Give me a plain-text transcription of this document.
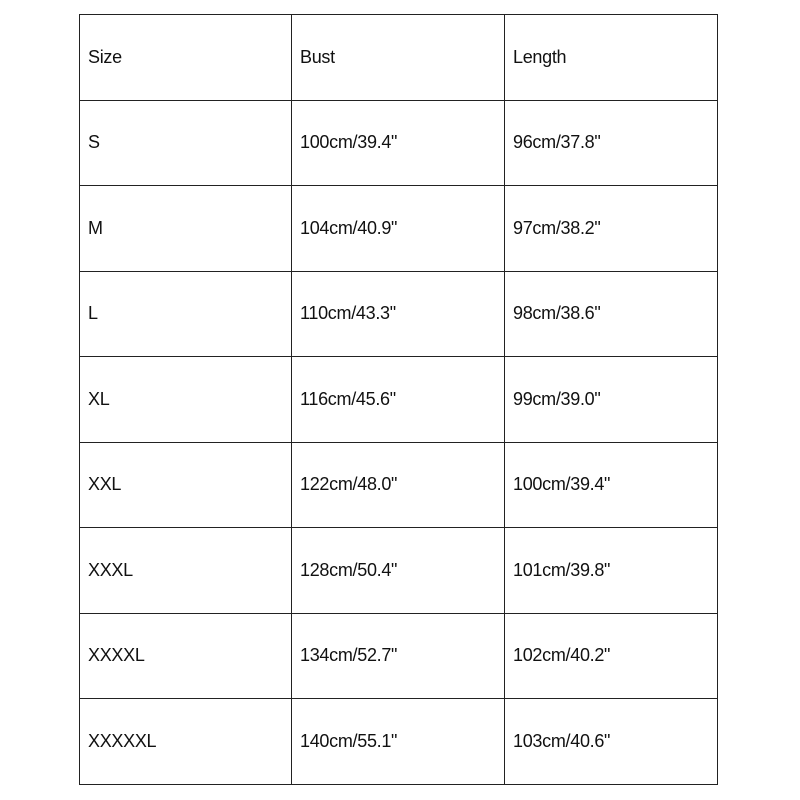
Size	Bust	Length
S	100cm/39.4"	96cm/37.8"
M	104cm/40.9"	97cm/38.2"
L	110cm/43.3"	98cm/38.6"
XL	116cm/45.6"	99cm/39.0"
XXL	122cm/48.0"	100cm/39.4"
XXXL	128cm/50.4"	101cm/39.8"
XXXXL	134cm/52.7"	102cm/40.2"
XXXXXL	140cm/55.1"	103cm/40.6"
